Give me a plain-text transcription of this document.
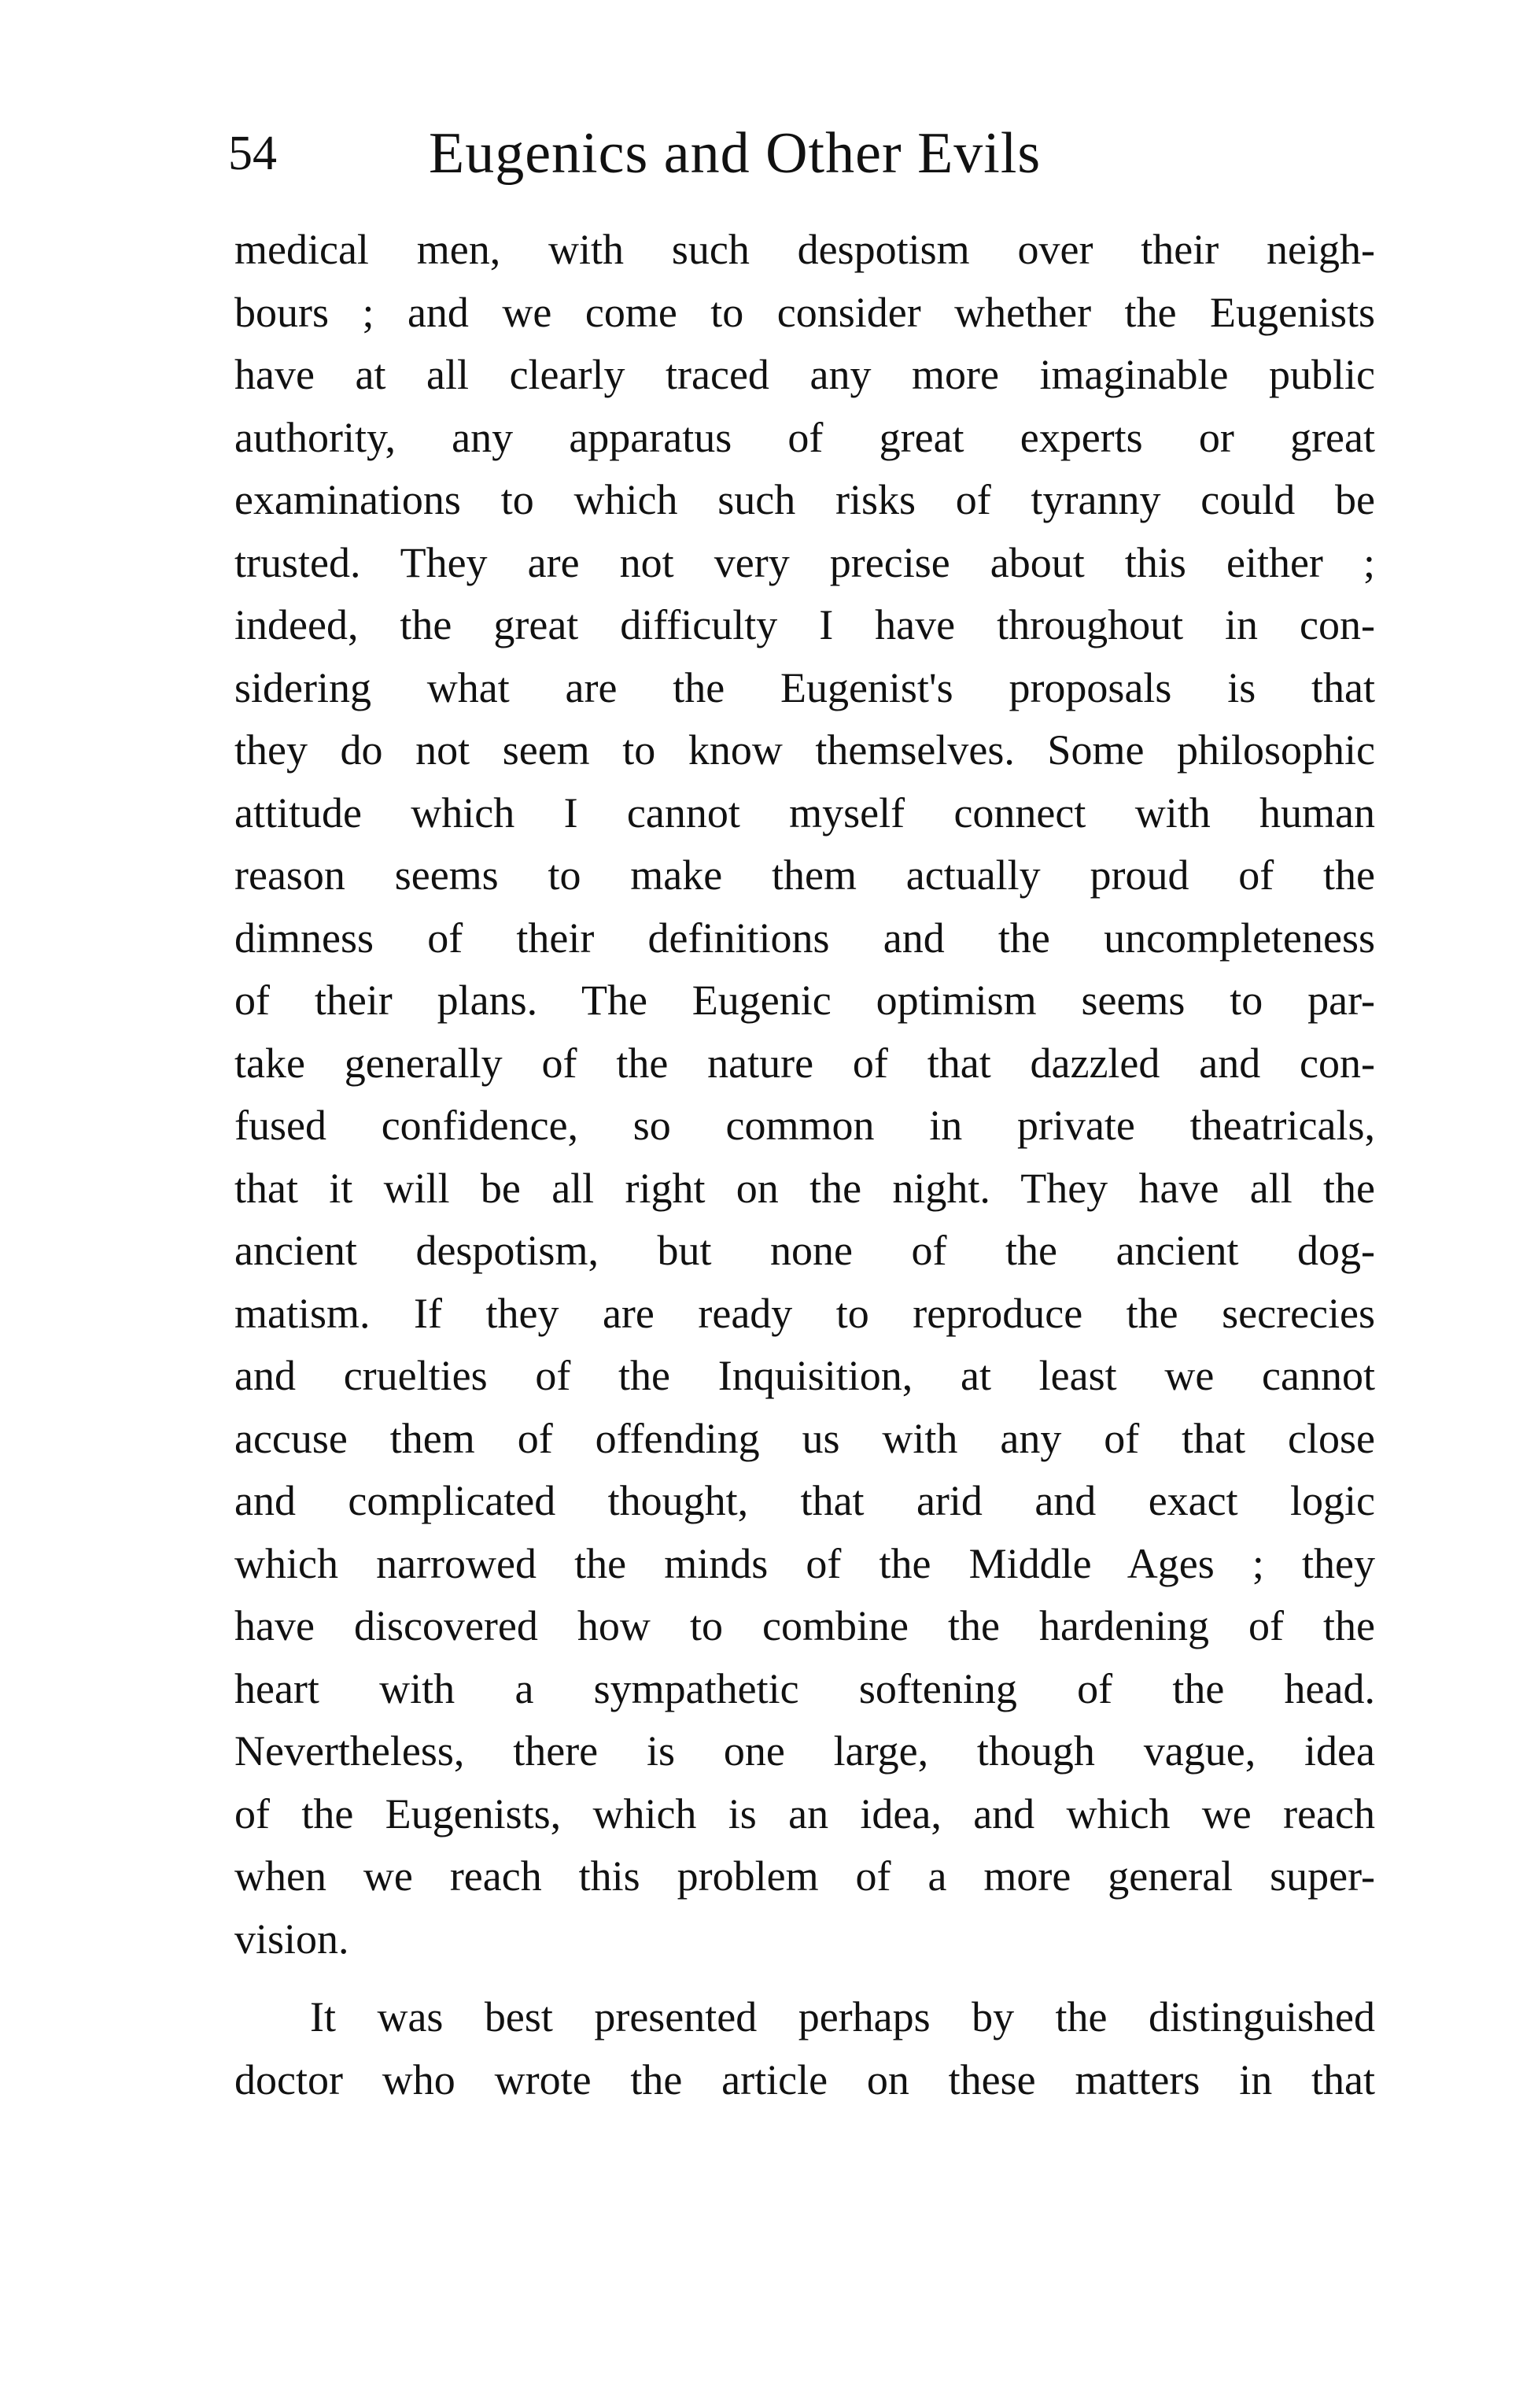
54	Eugenics and Other Evils
medical men, with such despotism over their neigh-
bours ; and we come to consider whether the Eugenists
have at all clearly traced any more imaginable public
authority, any apparatus of great experts or great
examinations to which such risks of tyranny could be
trusted. They are not very precise about this either ;
indeed, the great difficulty I have throughout in con-
sidering what are the Eugenist's proposals is that
they do not seem to know themselves. Some philosophic
attitude which I cannot myself connect with human
reason seems to make them actually proud of the
dimness of their definitions and the uncompleteness
of their plans. The Eugenic optimism seems to par-
take generally of the nature of that dazzled and con-
fused confidence, so common in private theatricals,
that it will be all right on the night. They have all the
ancient despotism, but none of the ancient dog-
matism. If they are ready to reproduce the secrecies
and cruelties of the Inquisition, at least we cannot
accuse them of offending us with any of that close
and complicated thought, that arid and exact logic
which narrowed the minds of the Middle Ages ; they
have discovered how to combine the hardening of the
heart with a sympathetic softening of the head.
Nevertheless, there is one large, though vague, idea
of the Eugenists, which is an idea, and which we reach
when we reach this problem of a more general super-
vision.
It was best presented perhaps by the distinguished
doctor who wrote the article on these matters in that
